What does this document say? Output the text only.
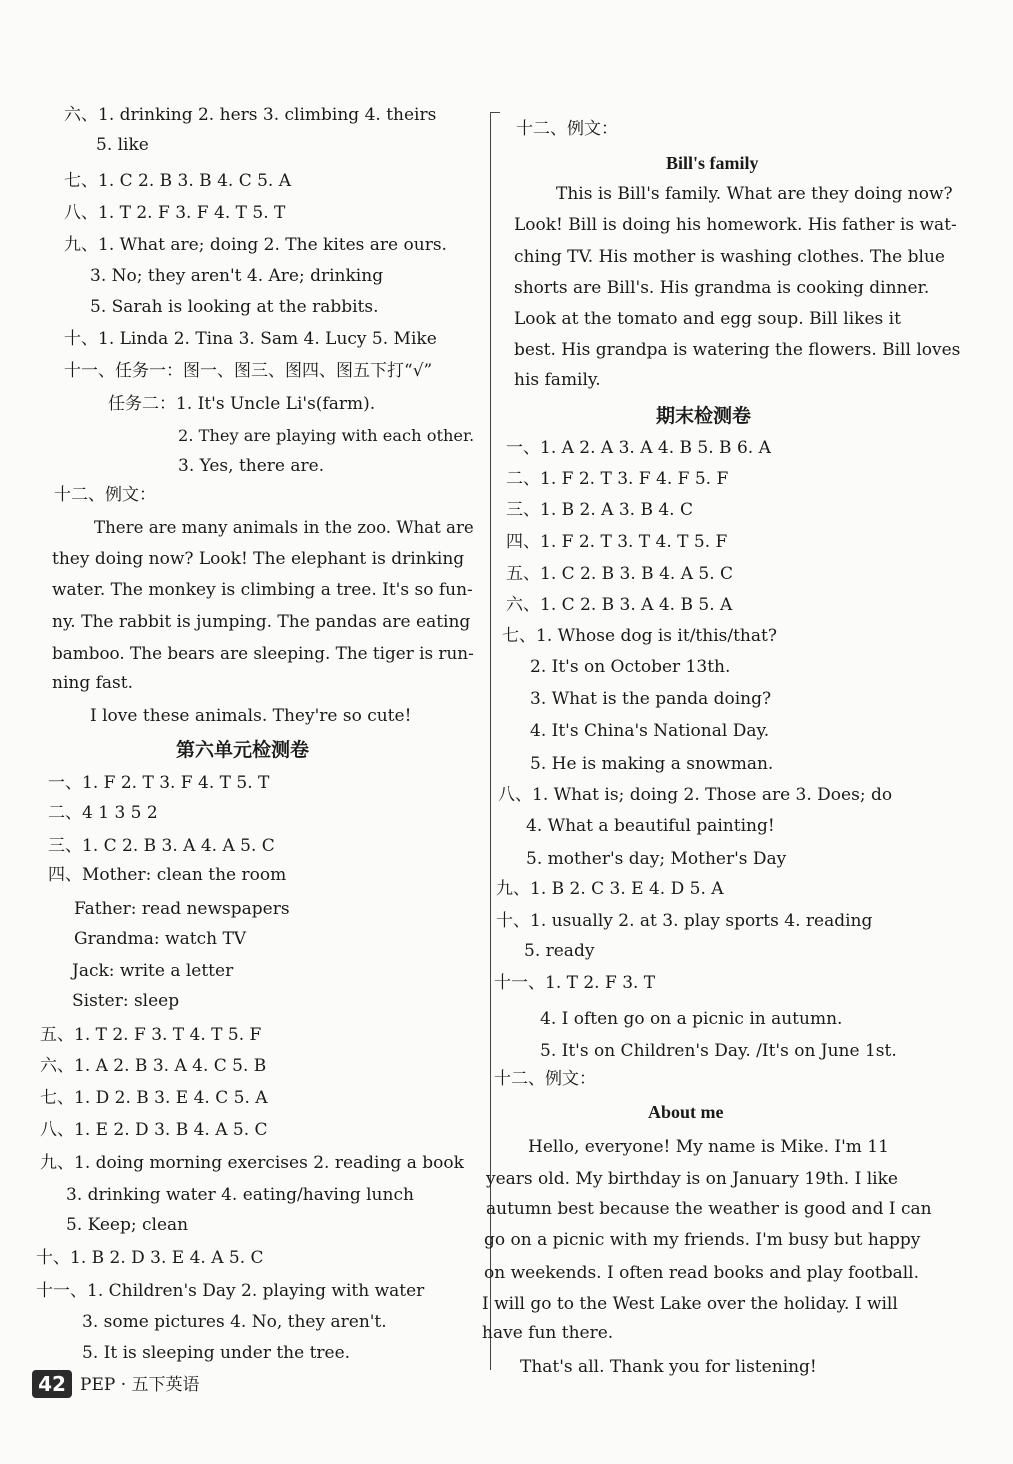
六、1. drinking 2. hers 3. climbing 4. theirs
5. like
七、1. C 2. B 3. B 4. C 5. A
八、1. T 2. F 3. F 4. T 5. T
九、1. What are; doing 2. The kites are ours.
3. No; they aren't 4. Are; drinking
5. Sarah is looking at the rabbits.
十、1. Linda 2. Tina 3. Sam 4. Lucy 5. Mike
十一、任务一：图一、图三、图四、图五下打“√”
任务二：1. It's Uncle Li's(farm).
2. They are playing with each other.
3. Yes, there are.
十二、例文：
There are many animals in the zoo. What are
they doing now? Look! The elephant is drinking
water. The monkey is climbing a tree. It's so fun-
ny. The rabbit is jumping. The pandas are eating
bamboo. The bears are sleeping. The tiger is run-
ning fast.
I love these animals. They're so cute!
第六单元检测卷
一、1. F 2. T 3. F 4. T 5. T
二、4 1 3 5 2
三、1. C 2. B 3. A 4. A 5. C
四、Mother: clean the room
Father: read newspapers
Grandma: watch TV
Jack: write a letter
Sister: sleep
五、1. T 2. F 3. T 4. T 5. F
六、1. A 2. B 3. A 4. C 5. B
七、1. D 2. B 3. E 4. C 5. A
八、1. E 2. D 3. B 4. A 5. C
九、1. doing morning exercises 2. reading a book
3. drinking water 4. eating/having lunch
5. Keep; clean
十、1. B 2. D 3. E 4. A 5. C
十一、1. Children's Day 2. playing with water
3. some pictures 4. No, they aren't.
5. It is sleeping under the tree.
十二、例文：
Bill's family
This is Bill's family. What are they doing now?
Look! Bill is doing his homework. His father is wat-
ching TV. His mother is washing clothes. The blue
shorts are Bill's. His grandma is cooking dinner.
Look at the tomato and egg soup. Bill likes it
best. His grandpa is watering the flowers. Bill loves
his family.
期末检测卷
一、1. A 2. A 3. A 4. B 5. B 6. A
二、1. F 2. T 3. F 4. F 5. F
三、1. B 2. A 3. B 4. C
四、1. F 2. T 3. T 4. T 5. F
五、1. C 2. B 3. B 4. A 5. C
六、1. C 2. B 3. A 4. B 5. A
七、1. Whose dog is it/this/that?
2. It's on October 13th.
3. What is the panda doing?
4. It's China's National Day.
5. He is making a snowman.
八、1. What is; doing 2. Those are 3. Does; do
4. What a beautiful painting!
5. mother's day; Mother's Day
九、1. B 2. C 3. E 4. D 5. A
十、1. usually 2. at 3. play sports 4. reading
5. ready
十一、1. T 2. F 3. T
4. I often go on a picnic in autumn.
5. It's on Children's Day. /It's on June 1st.
十二、例文：
About me
Hello, everyone! My name is Mike. I'm 11
years old. My birthday is on January 19th. I like
autumn best because the weather is good and I can
go on a picnic with my friends. I'm busy but happy
on weekends. I often read books and play football.
I will go to the West Lake over the holiday. I will
have fun there.
That's all. Thank you for listening!
42 PEP · 五下英语
